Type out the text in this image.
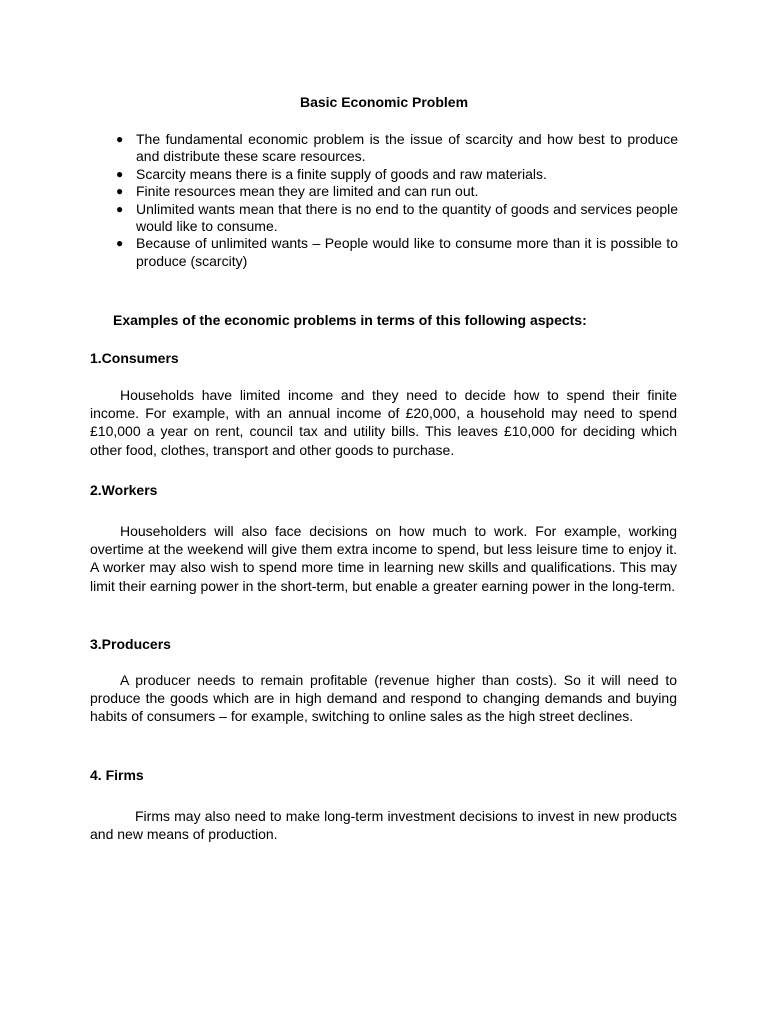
Basic Economic Problem
● The fundamental economic problem is the issue of scarcity and how best to produce and distribute these scare resources.
● Scarcity means there is a finite supply of goods and raw materials.
● Finite resources mean they are limited and can run out.
● Unlimited wants mean that there is no end to the quantity of goods and services people would like to consume.
● Because of unlimited wants – People would like to consume more than it is possible to produce (scarcity)
Examples of the economic problems in terms of this following aspects:
1.Consumers

Households have limited income and they need to decide how to spend their finite income. For example, with an annual income of £20,000, a household may need to spend £10,000 a year on rent, council tax and utility bills. This leaves £10,000 for deciding which other food, clothes, transport and other goods to purchase.

2.Workers

Householders will also face decisions on how much to work. For example, working overtime at the weekend will give them extra income to spend, but less leisure time to enjoy it. A worker may also wish to spend more time in learning new skills and qualifications. This may limit their earning power in the short-term, but enable a greater earning power in the long-term.

3.Producers

A producer needs to remain profitable (revenue higher than costs). So it will need to produce the goods which are in high demand and respond to changing demands and buying habits of consumers – for example, switching to online sales as the high street declines.

4. Firms

Firms may also need to make long-term investment decisions to invest in new products and new means of production.
